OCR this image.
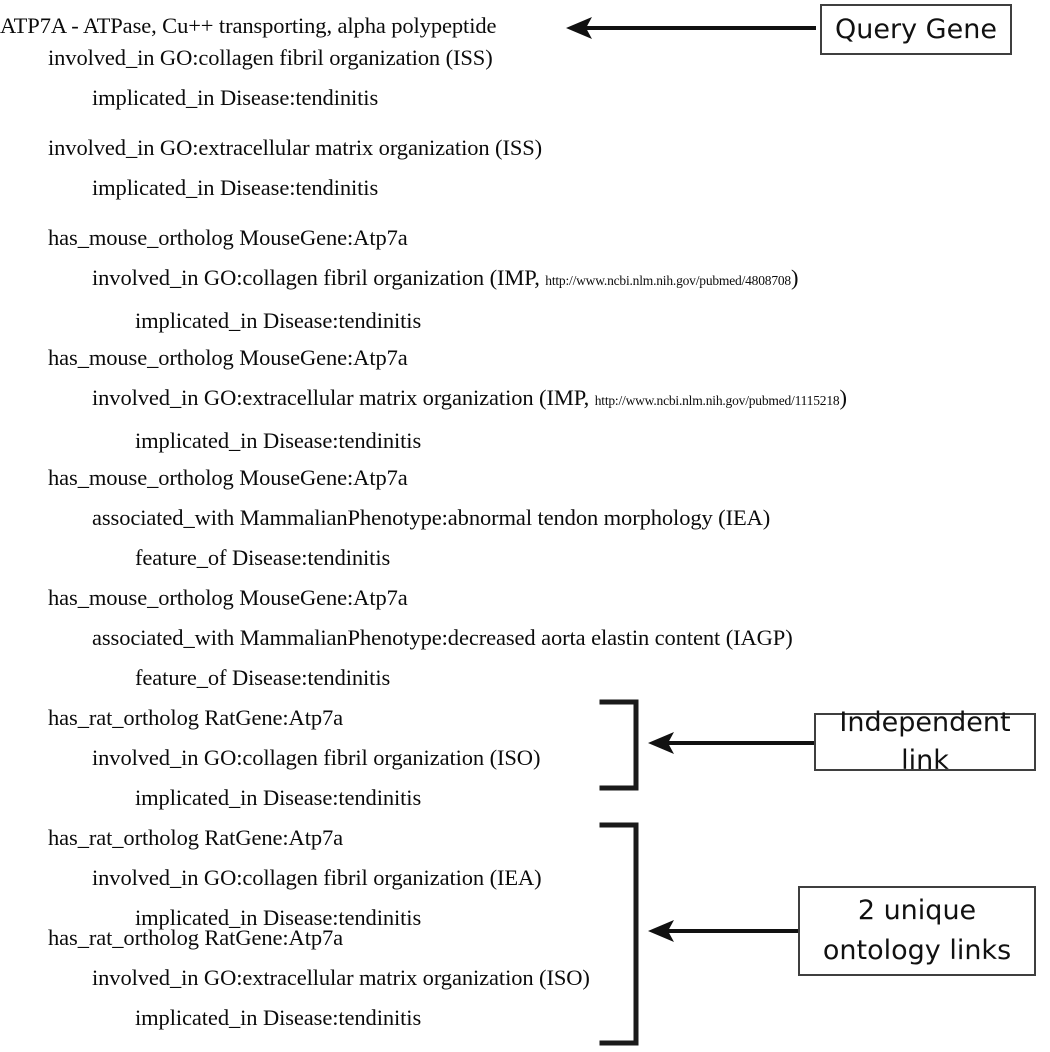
ATP7A - ATPase, Cu++ transporting, alpha polypeptide
involved_in GO:collagen fibril organization (ISS)
implicated_in Disease:tendinitis
involved_in GO:extracellular matrix organization (ISS)
implicated_in Disease:tendinitis
has_mouse_ortholog MouseGene:Atp7a
involved_in GO:collagen fibril organization (IMP, http://www.ncbi.nlm.nih.gov/pubmed/4808708)
implicated_in Disease:tendinitis
has_mouse_ortholog MouseGene:Atp7a
involved_in GO:extracellular matrix organization (IMP, http://www.ncbi.nlm.nih.gov/pubmed/1115218)
implicated_in Disease:tendinitis
has_mouse_ortholog MouseGene:Atp7a
associated_with MammalianPhenotype:abnormal tendon morphology (IEA)
feature_of Disease:tendinitis
has_mouse_ortholog MouseGene:Atp7a
associated_with MammalianPhenotype:decreased aorta elastin content (IAGP)
feature_of Disease:tendinitis
has_rat_ortholog RatGene:Atp7a
involved_in GO:collagen fibril organization (ISO)
implicated_in Disease:tendinitis
has_rat_ortholog RatGene:Atp7a
involved_in GO:collagen fibril organization (IEA)
implicated_in Disease:tendinitis
has_rat_ortholog RatGene:Atp7a
involved_in GO:extracellular matrix organization (ISO)
implicated_in Disease:tendinitis
Query Gene
Independent link
2 unique
ontology links
